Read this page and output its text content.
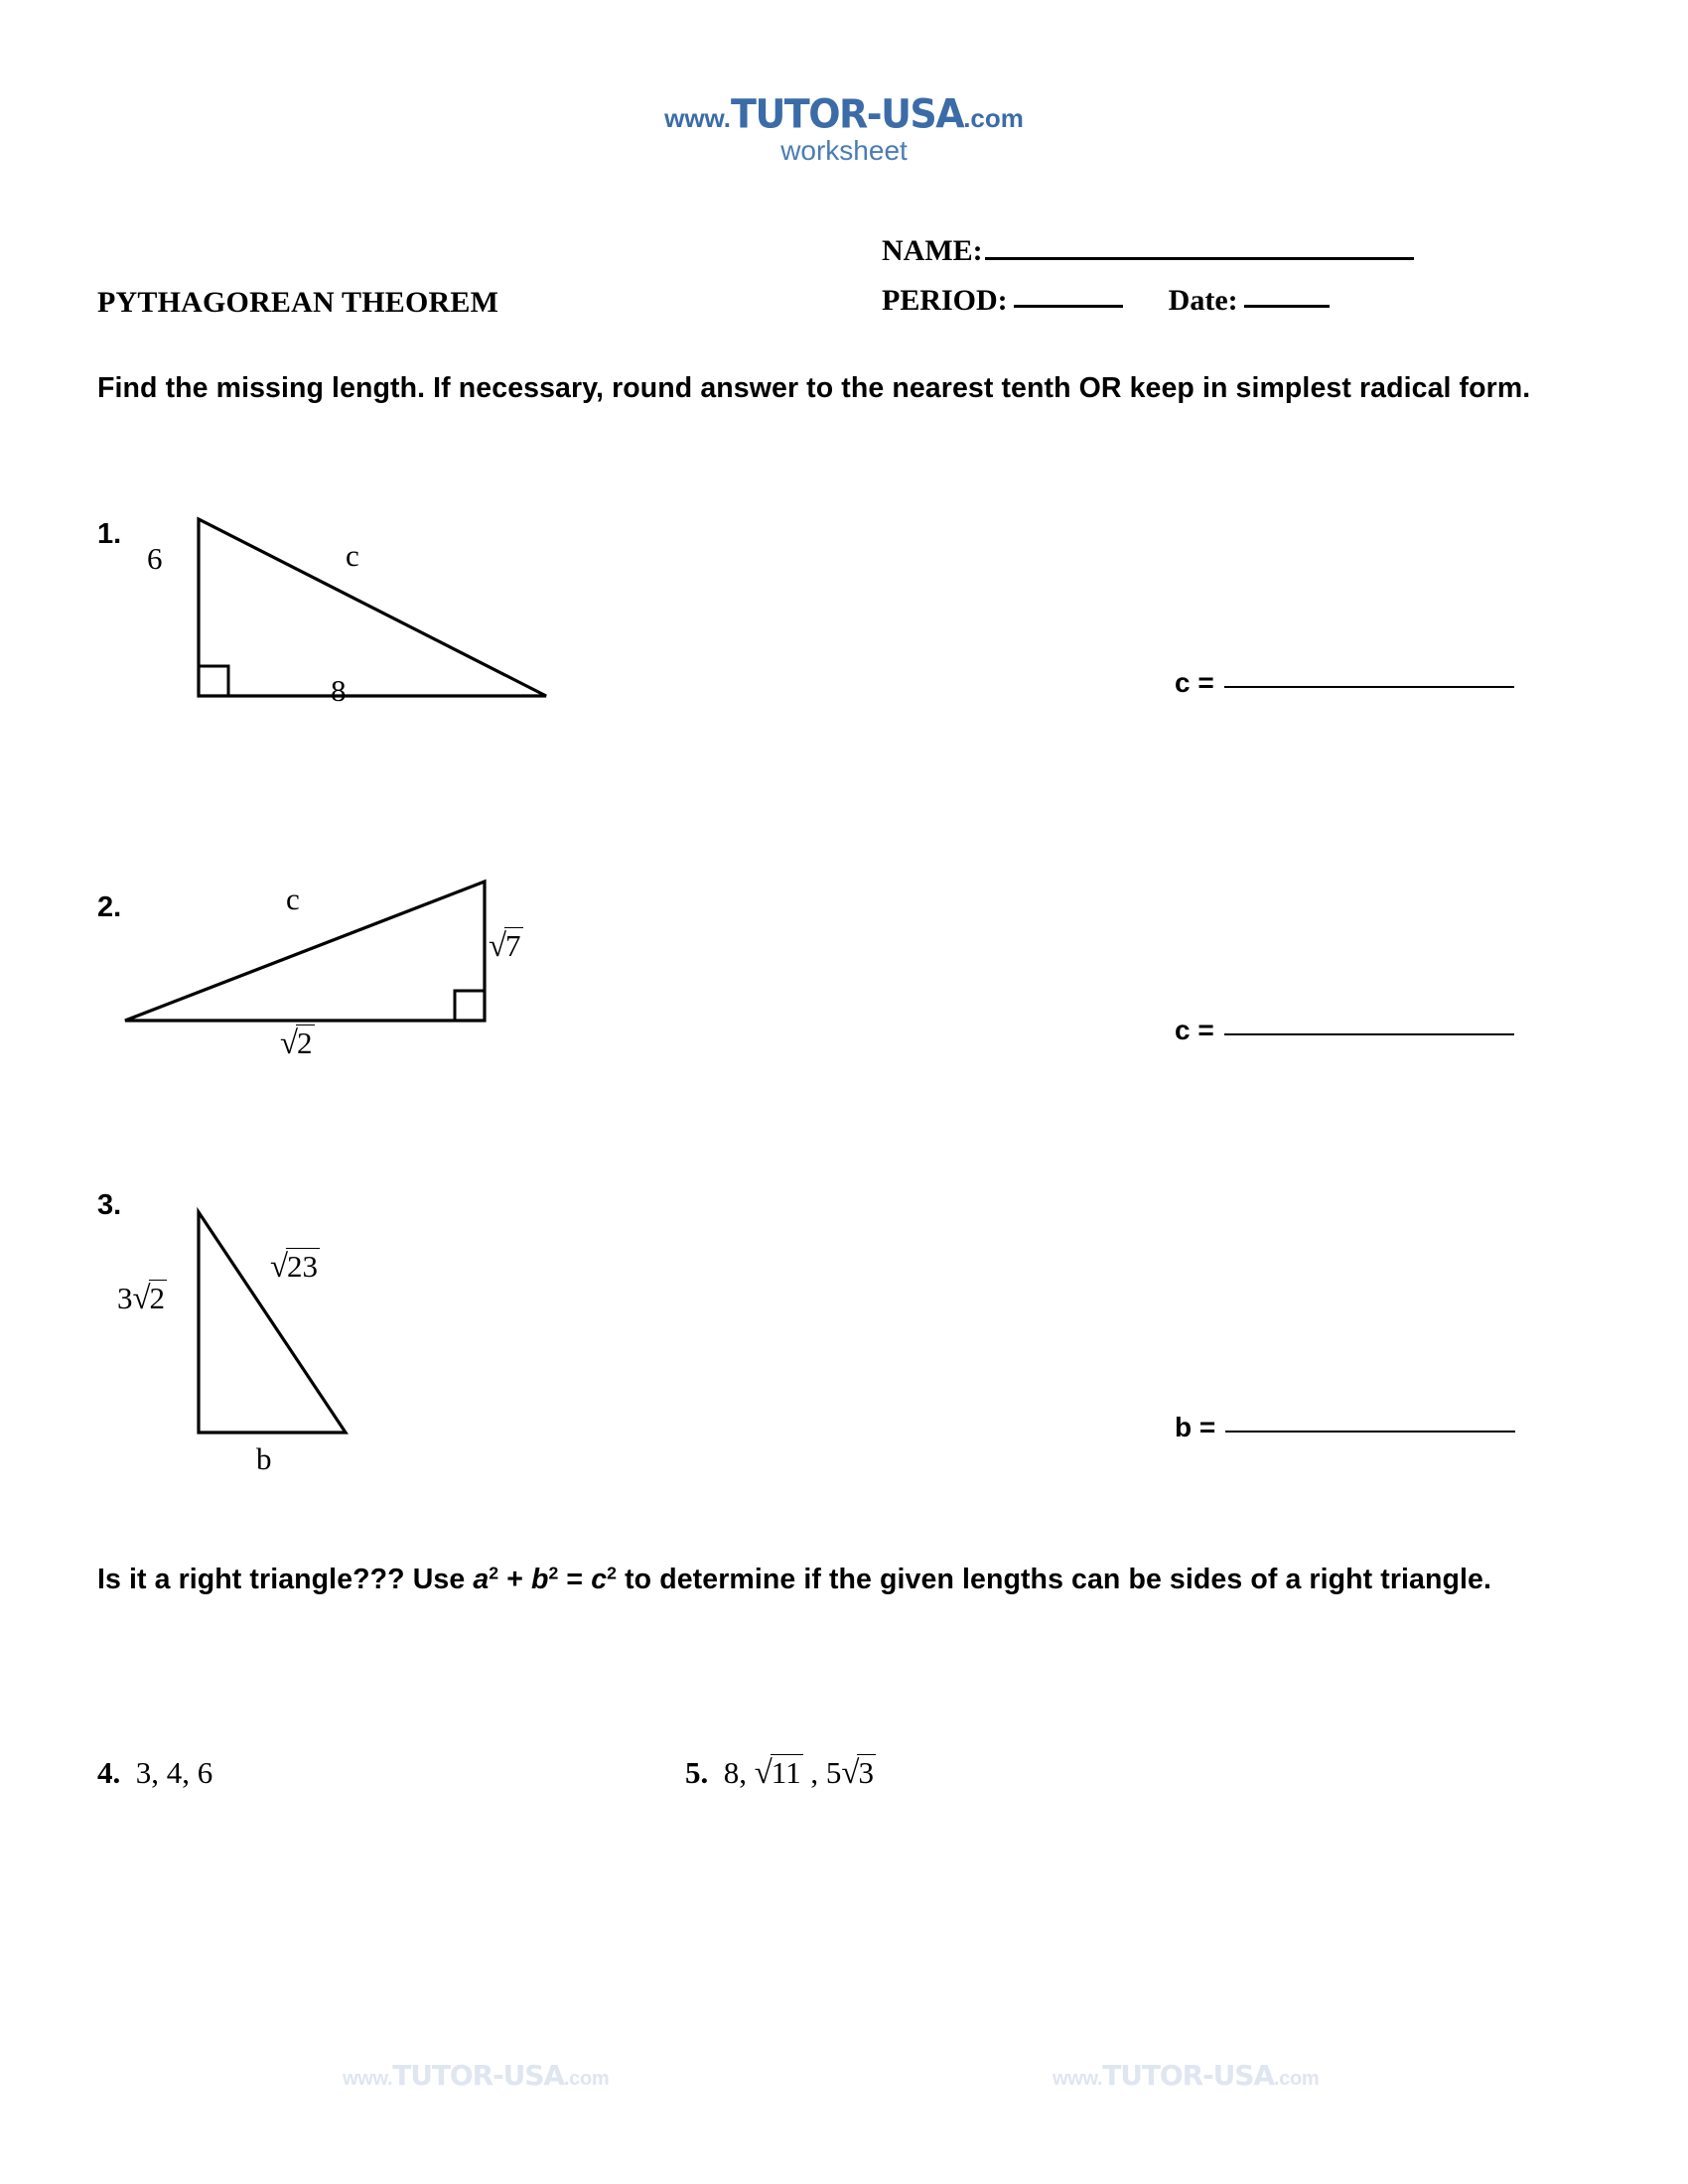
www.TUTOR-USA.com
worksheet
PYTHAGOREAN THEOREM
NAME:
PERIOD:	Date:
Find the missing length. If necessary, round answer to the nearest tenth OR keep in simplest radical form.
1.
6
8
c
c =
2.	c
√7
√2	c =
3.
3√2
√23
b
b =
Is it a right triangle??? Use $a^2 + b^2 = c^2$ to determine if the given lengths can be sides of a right triangle.
4. 3, 4, 6	5. 8, √11 , 5√3
www.TUTOR-USA.com	www.TUTOR-USA.com
